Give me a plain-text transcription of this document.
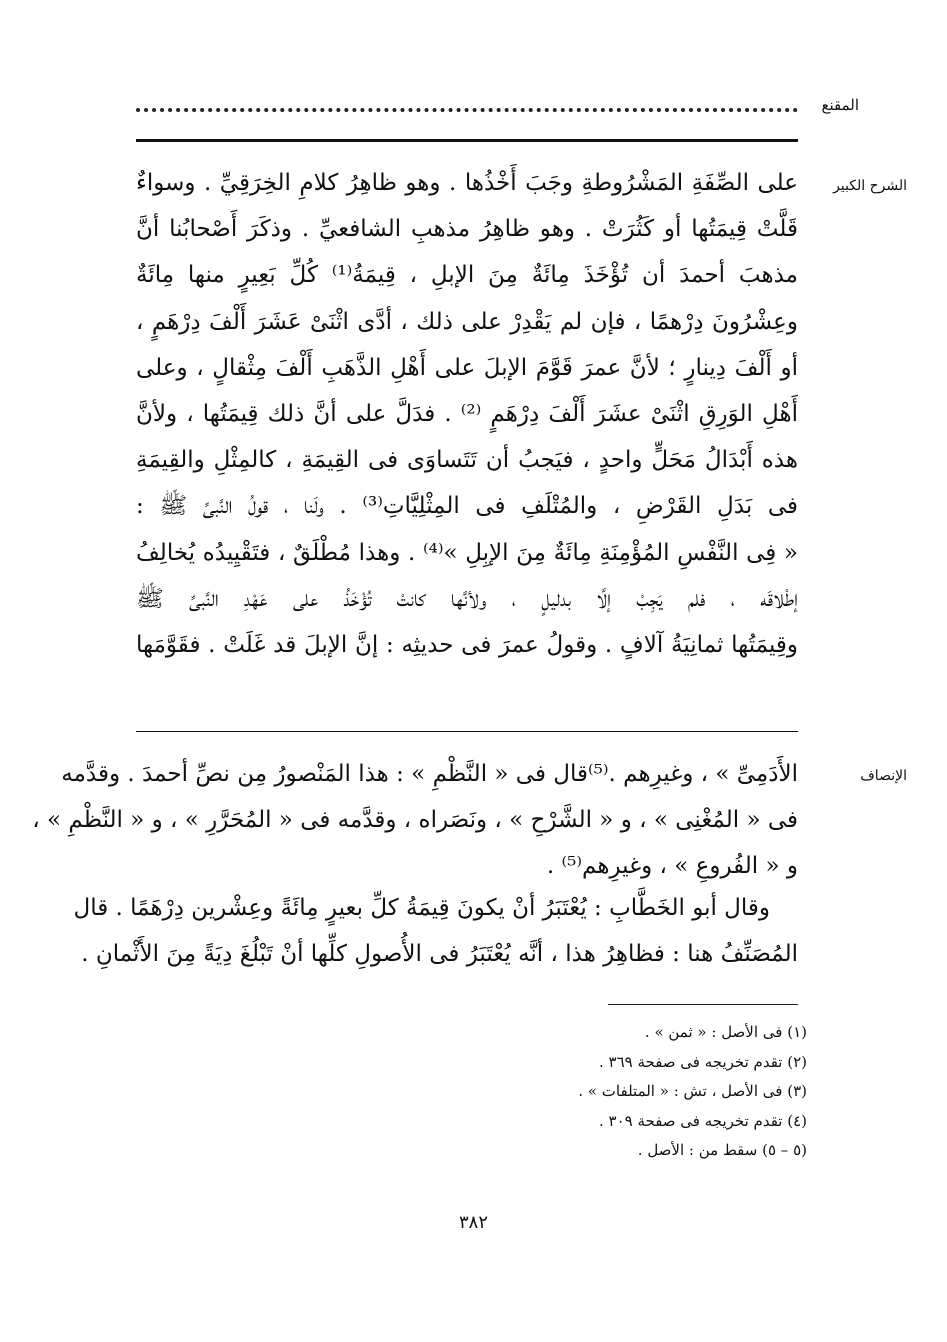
المقنع
الشرح الكبير
على الصِّفَةِ المَشْرُوطةِ وجَبَ أَخْذُها . وهو ظاهِرُ كلامِ الخِرَقِيِّ . وسواءٌ
قَلَّتْ قِيمَتُها أو كَثُرَتْ . وهو ظاهِرُ مذهبِ الشافعيِّ . وذكَرَ أَصْحابُنا أنَّ
مذهبَ أحمدَ أن تُؤْخَذَ مِائَةٌ مِنَ الإبلِ ، قِيمَةُ⁽¹⁾ كُلِّ بَعِيرٍ منها مِائَةٌ
وعِشْرُونَ دِرْهمًا ، فإن لم يَقْدِرْ على ذلك ، أدَّى اثْنَىْ عَشَرَ أَلْفَ دِرْهَمٍ ،
أو أَلْفَ دِينارٍ ؛ لأنَّ عمرَ قَوَّمَ الإبلَ على أَهْلِ الذَّهَبِ أَلْفَ مِثْقالٍ ، وعلى
أَهْلِ الوَرِقِ اثْنَىْ عشَرَ أَلْفَ دِرْهَمٍ ⁽²⁾ . فدَلَّ على أنَّ ذلك قِيمَتُها ، ولأنَّ
هذه أَبْدَالُ مَحَلٍّ واحدٍ ، فيَجبُ أن تَتَساوَى فى القِيمَةِ ، كالمِثْلِ والقِيمَةِ
فى بَدَلِ القَرْضِ ، والمُتْلَفِ فى المِثْلِيَّاتِ⁽³⁾ . ولَنا ، قولُ النَّبىِّ ﷺ :
« فِى النَّفْسِ المُؤْمِنَةِ مِائَةٌ مِنَ الإبِلِ »⁽⁴⁾ . وهذا مُطْلَقٌ ، فتَقْيِيدُه يُخالِفُ
إطْلاقَه ، فلم يَجِبْ إلَّا بدليلٍ ، ولأنَّها كانتْ تُؤْخَذُ على عَهْدِ النَّبىِّ ﷺ
وقِيمَتُها ثمانِيَةُ آلافٍ . وقولُ عمرَ فى حديثِه : إنَّ الإبلَ قد غَلَتْ . فقَوَّمَها
الإنصاف
الأَدَمِىِّ » ، وغيرِهم .⁽⁵⁾قال فى « النَّظْمِ » : هذا المَنْصورُ مِن نصِّ أحمدَ . وقدَّمه
فى « المُغْنِى » ، و « الشَّرْحِ » ، ونَصَراه ، وقدَّمه فى « المُحَرَّرِ » ، و « النَّظْمِ » ،
و « الفُروعِ » ، وغيرِهم⁽⁵⁾ .
وقال أبو الخَطَّابِ : يُعْتَبَرُ أنْ يكونَ قِيمَةُ كلِّ بعيرٍ مِائَةً وعِشْرين دِرْهَمًا . قال
المُصَنِّفُ هنا : فظاهِرُ هذا ، أنَّه يُعْتَبَرُ فى الأُصولِ كلِّها أنْ تَبْلُغَ دِيَةً مِنَ الأَثْمانِ .
(١) فى الأصل : « ثمن » .
(٢) تقدم تخريجه فى صفحة ٣٦٩ .
(٣) فى الأصل ، تش : « المتلفات » .
(٤) تقدم تخريجه فى صفحة ٣٠٩ .
(٥ – ٥) سقط من : الأصل .
٣٨٢
